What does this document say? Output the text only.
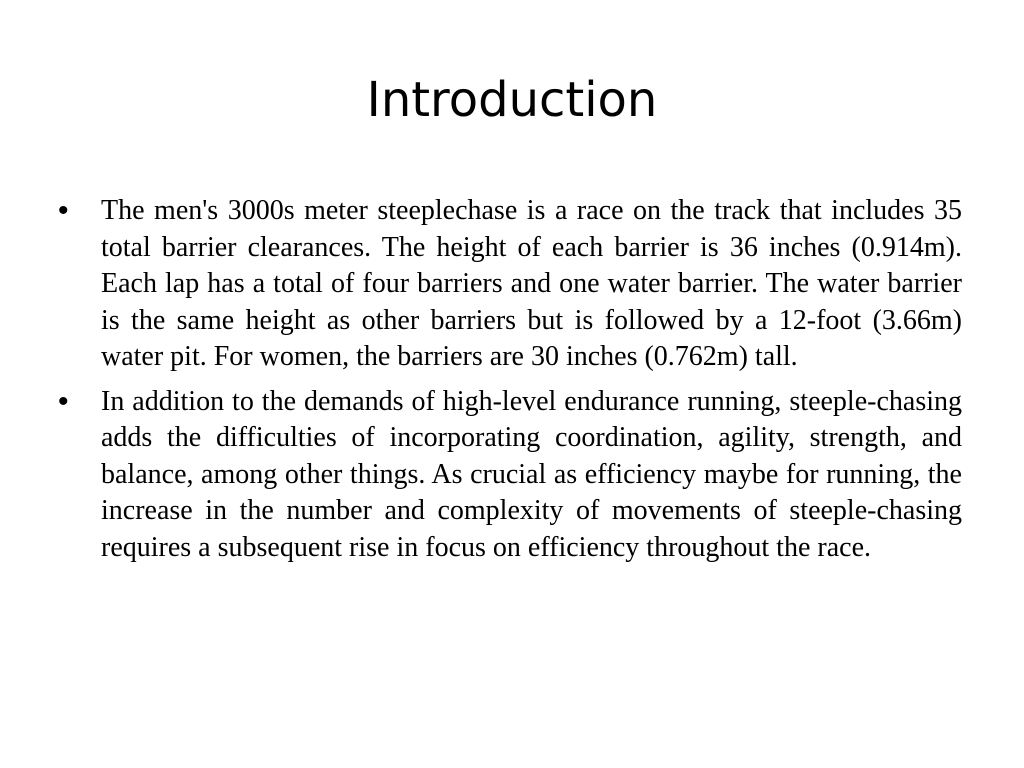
Introduction
• The men's 3000s meter steeplechase is a race on the track that includes 35 total barrier clearances. The height of each barrier is 36 inches (0.914m). Each lap has a total of four barriers and one water barrier. The water barrier is the same height as other barriers but is followed by a 12-foot (3.66m) water pit. For women, the barriers are 30 inches (0.762m) tall.
• In addition to the demands of high-level endurance running, steeple-chasing adds the difficulties of incorporating coordination, agility, strength, and balance, among other things. As crucial as efficiency maybe for running, the increase in the number and complexity of movements of steeple-chasing requires a subsequent rise in focus on efficiency throughout the race.
